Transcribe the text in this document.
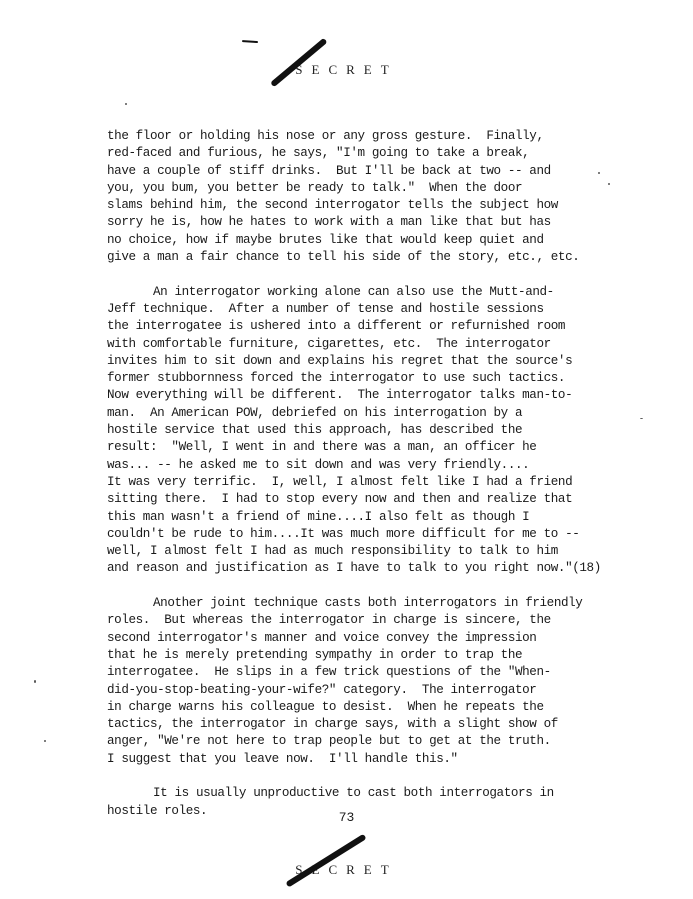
SECRET
the floor or holding his nose or any gross gesture.  Finally,
red-faced and furious, he says, "I'm going to take a break,
have a couple of stiff drinks.  But I'll be back at two -- and
you, you bum, you better be ready to talk."  When the door
slams behind him, the second interrogator tells the subject how
sorry he is, how he hates to work with a man like that but has
no choice, how if maybe brutes like that would keep quiet and
give a man a fair chance to tell his side of the story, etc., etc.
An interrogator working alone can also use the Mutt-and-
Jeff technique.  After a number of tense and hostile sessions
the interrogatee is ushered into a different or refurnished room
with comfortable furniture, cigarettes, etc.  The interrogator
invites him to sit down and explains his regret that the source's
former stubbornness forced the interrogator to use such tactics.
Now everything will be different.  The interrogator talks man-to-
man.  An American POW, debriefed on his interrogation by a
hostile service that used this approach, has described the
result:  "Well, I went in and there was a man, an officer he
was... -- he asked me to sit down and was very friendly....
It was very terrific.  I, well, I almost felt like I had a friend
sitting there.  I had to stop every now and then and realize that
this man wasn't a friend of mine....I also felt as though I
couldn't be rude to him....It was much more difficult for me to --
well, I almost felt I had as much responsibility to talk to him
and reason and justification as I have to talk to you right now."(18)
Another joint technique casts both interrogators in friendly
roles.  But whereas the interrogator in charge is sincere, the
second interrogator's manner and voice convey the impression
that he is merely pretending sympathy in order to trap the
interrogatee.  He slips in a few trick questions of the "When-
did-you-stop-beating-your-wife?" category.  The interrogator
in charge warns his colleague to desist.  When he repeats the
tactics, the interrogator in charge says, with a slight show of
anger, "We're not here to trap people but to get at the truth.
I suggest that you leave now.  I'll handle this."
It is usually unproductive to cast both interrogators in
hostile roles.	73
SECRET
